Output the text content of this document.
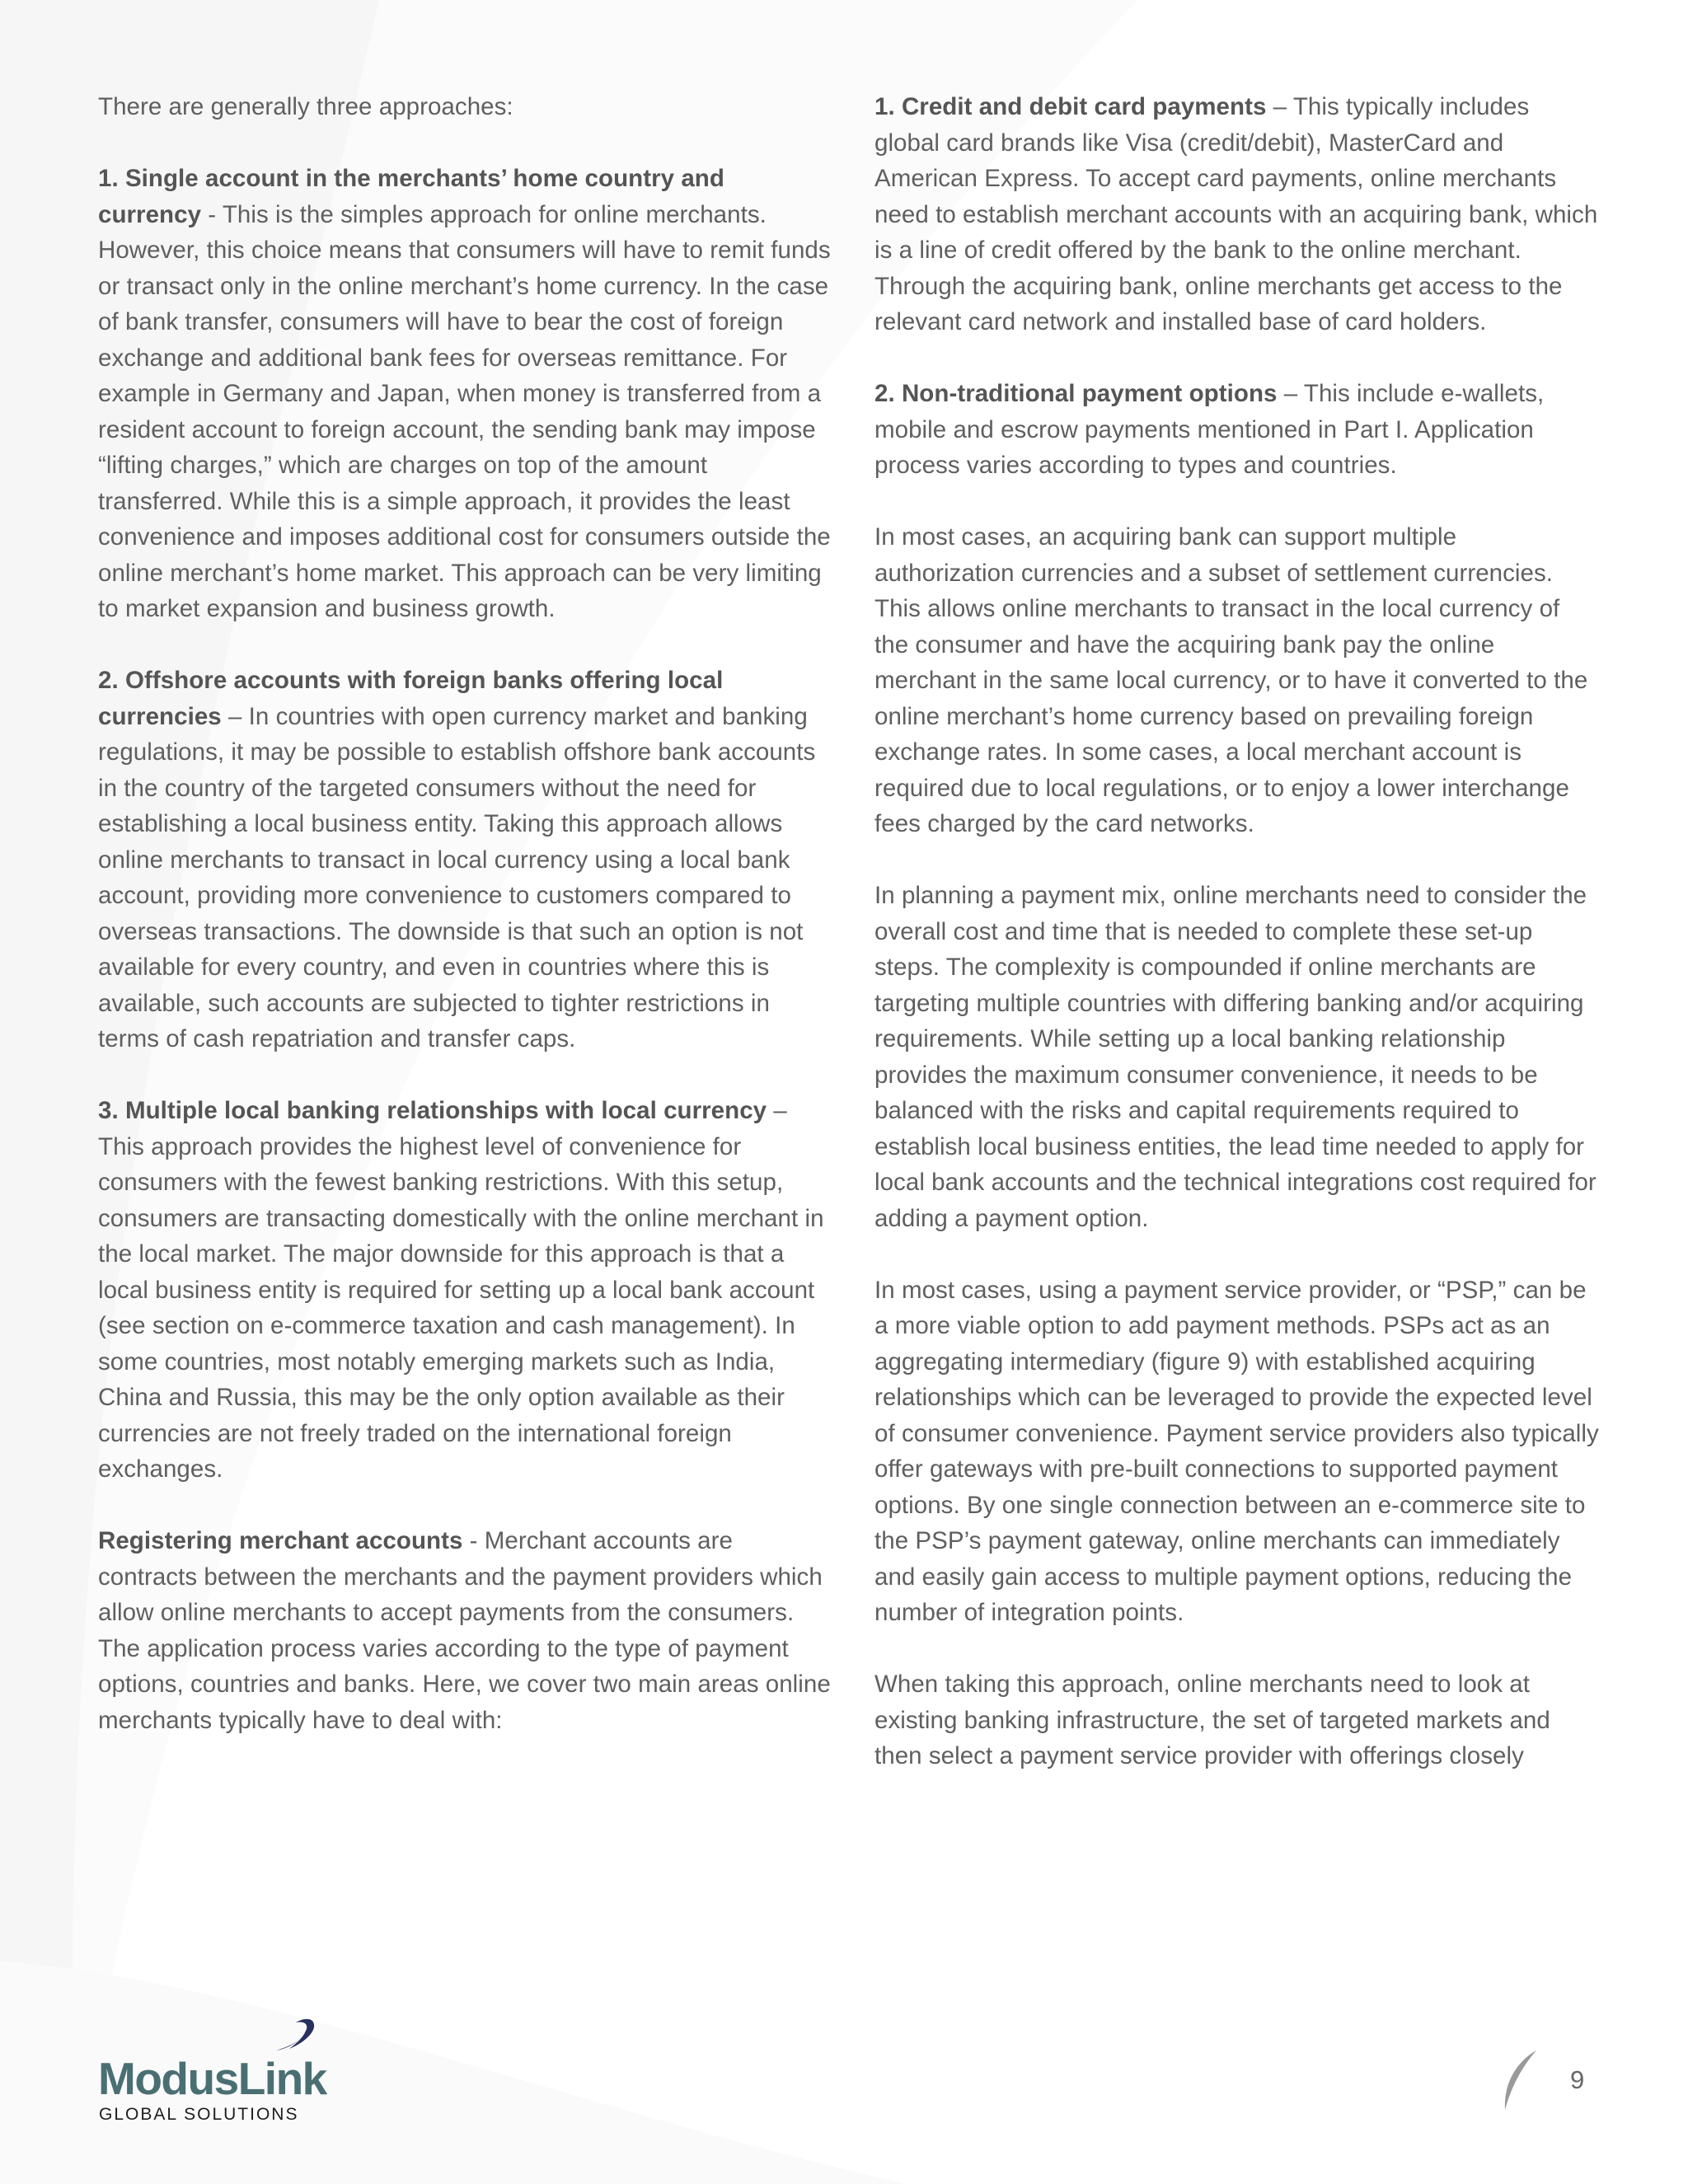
There are generally three approaches:

1. Single account in the merchants’ home country and currency - This is the simples approach for online merchants. However, this choice means that consumers will have to remit funds or transact only in the online merchant’s home currency. In the case of bank transfer, consumers will have to bear the cost of foreign exchange and additional bank fees for overseas remittance. For example in Germany and Japan, when money is transferred from a resident account to foreign account, the sending bank may impose “lifting charges,” which are charges on top of the amount transferred. While this is a simple approach, it provides the least convenience and imposes additional cost for consumers outside the online merchant’s home market. This approach can be very limiting to market expansion and business growth.

2. Offshore accounts with foreign banks offering local currencies – In countries with open currency market and banking regulations, it may be possible to establish offshore bank accounts in the country of the targeted consumers without the need for establishing a local business entity. Taking this approach allows online merchants to transact in local currency using a local bank account, providing more convenience to customers compared to overseas transactions. The downside is that such an option is not available for every country, and even in countries where this is available, such accounts are subjected to tighter restrictions in terms of cash repatriation and transfer caps.

3. Multiple local banking relationships with local currency – This approach provides the highest level of convenience for consumers with the fewest banking restrictions. With this setup, consumers are transacting domestically with the online merchant in the local market. The major downside for this approach is that a local business entity is required for setting up a local bank account (see section on e-commerce taxation and cash management). In some countries, most notably emerging markets such as India, China and Russia, this may be the only option available as their currencies are not freely traded on the international foreign exchanges.

Registering merchant accounts - Merchant accounts are contracts between the merchants and the payment providers which allow online merchants to accept payments from the consumers. The application process varies according to the type of payment options, countries and banks. Here, we cover two main areas online merchants typically have to deal with:

1. Credit and debit card payments – This typically includes global card brands like Visa (credit/debit), MasterCard and American Express. To accept card payments, online merchants need to establish merchant accounts with an acquiring bank, which is a line of credit offered by the bank to the online merchant. Through the acquiring bank, online merchants get access to the relevant card network and installed base of card holders.

2. Non-traditional payment options – This include e-wallets, mobile and escrow payments mentioned in Part I. Application process varies according to types and countries.

In most cases, an acquiring bank can support multiple authorization currencies and a subset of settlement currencies. This allows online merchants to transact in the local currency of the consumer and have the acquiring bank pay the online merchant in the same local currency, or to have it converted to the online merchant’s home currency based on prevailing foreign exchange rates. In some cases, a local merchant account is required due to local regulations, or to enjoy a lower interchange fees charged by the card networks.

In planning a payment mix, online merchants need to consider the overall cost and time that is needed to complete these set-up steps. The complexity is compounded if online merchants are targeting multiple countries with differing banking and/or acquiring requirements. While setting up a local banking relationship provides the maximum consumer convenience, it needs to be balanced with the risks and capital requirements required to establish local business entities, the lead time needed to apply for local bank accounts and the technical integrations cost required for adding a payment option.

In most cases, using a payment service provider, or “PSP,” can be a more viable option to add payment methods. PSPs act as an aggregating intermediary (figure 9) with established acquiring relationships which can be leveraged to provide the expected level of consumer convenience. Payment service providers also typically offer gateways with pre-built connections to supported payment options. By one single connection between an e-commerce site to the PSP’s payment gateway, online merchants can immediately and easily gain access to multiple payment options, reducing the number of integration points.

When taking this approach, online merchants need to look at existing banking infrastructure, the set of targeted markets and then select a payment service provider with offerings closely

ModusLink
GLOBAL SOLUTIONS
9
